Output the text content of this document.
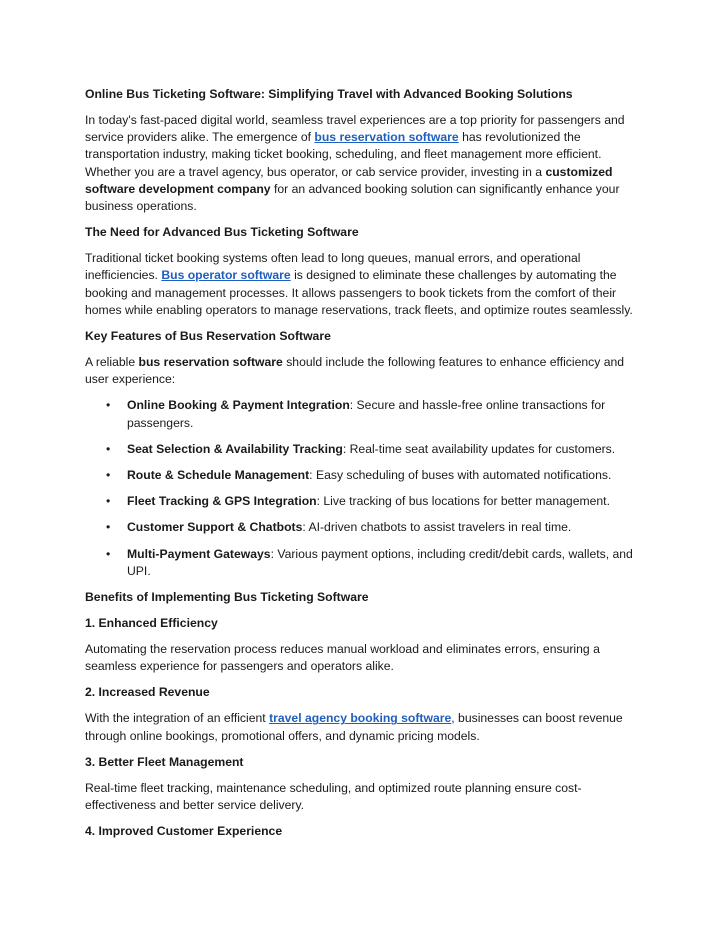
Online Bus Ticketing Software: Simplifying Travel with Advanced Booking Solutions

In today's fast-paced digital world, seamless travel experiences are a top priority for passengers and service providers alike. The emergence of bus reservation software has revolutionized the transportation industry, making ticket booking, scheduling, and fleet management more efficient. Whether you are a travel agency, bus operator, or cab service provider, investing in a customized software development company for an advanced booking solution can significantly enhance your business operations.

The Need for Advanced Bus Ticketing Software

Traditional ticket booking systems often lead to long queues, manual errors, and operational inefficiencies. Bus operator software is designed to eliminate these challenges by automating the booking and management processes. It allows passengers to book tickets from the comfort of their homes while enabling operators to manage reservations, track fleets, and optimize routes seamlessly.

Key Features of Bus Reservation Software

A reliable bus reservation software should include the following features to enhance efficiency and user experience:

• Online Booking & Payment Integration: Secure and hassle-free online transactions for passengers.
• Seat Selection & Availability Tracking: Real-time seat availability updates for customers.
• Route & Schedule Management: Easy scheduling of buses with automated notifications.
• Fleet Tracking & GPS Integration: Live tracking of bus locations for better management.
• Customer Support & Chatbots: AI-driven chatbots to assist travelers in real time.
• Multi-Payment Gateways: Various payment options, including credit/debit cards, wallets, and UPI.

Benefits of Implementing Bus Ticketing Software

1. Enhanced Efficiency

Automating the reservation process reduces manual workload and eliminates errors, ensuring a seamless experience for passengers and operators alike.

2. Increased Revenue

With the integration of an efficient travel agency booking software, businesses can boost revenue through online bookings, promotional offers, and dynamic pricing models.

3. Better Fleet Management

Real-time fleet tracking, maintenance scheduling, and optimized route planning ensure cost-effectiveness and better service delivery.

4. Improved Customer Experience
